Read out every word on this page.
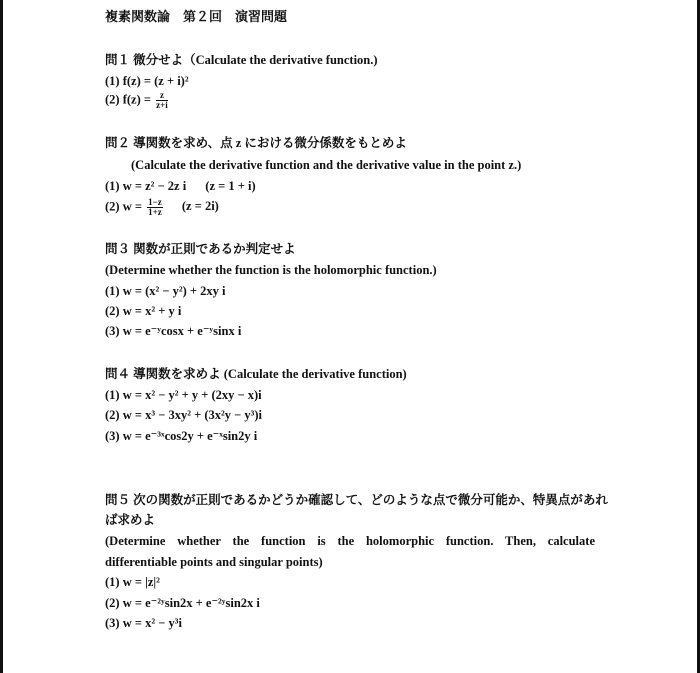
複素関数論　第２回　演習問題
問１ 微分せよ（Calculate the derivative function.)
(1) f(z) = (z + i)²
(2) $f(z) = \frac{z}{z+i}$
問２ 導関数を求め、点 z における微分係数をもとめよ
(Calculate the derivative function and the derivative value in the point z.)
(1) w = z² − 2z i (z = 1 + i)
(2) $w = \frac{1-z}{1+z} (z = 2i)$
問３ 関数が正則であるか判定せよ
(Determine whether the function is the holomorphic function.)
(1) w = (x² − y²) + 2xy i
(2) w = x² + y i
(3) w = e⁻ʸcosx + e⁻ʸsinx i
問４ 導関数を求めよ (Calculate the derivative function)
(1) w = x² − y² + y + (2xy − x)i
(2) w = x³ − 3xy² + (3x²y − y³)i
(3) w = e⁻³ˣcos2y + e⁻ˣsin2y i
問５ 次の関数が正則であるかどうか確認して、どのような点で微分可能か、特異点があれ
ば求めよ
(Determine whether the function is the holomorphic function. Then, calculate
differentiable points and singular points)
(1) w = |z|²
(2) w = e⁻²ʸsin2x + e⁻²ʸsin2x i
(3) w = x² − y³i
